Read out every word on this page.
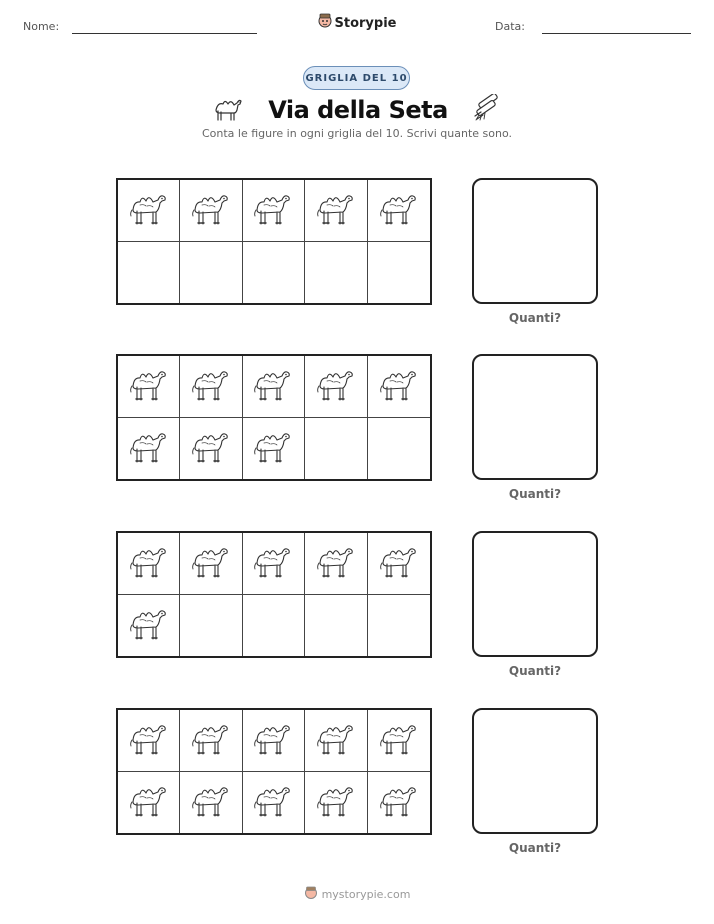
Nome:	Storypie	Data:
GRIGLIA DEL 10
Via della Seta
Conta le figure in ogni griglia del 10. Scrivi quante sono.
Quanti?
Quanti?
Quanti?
Quanti?
mystorypie.com
